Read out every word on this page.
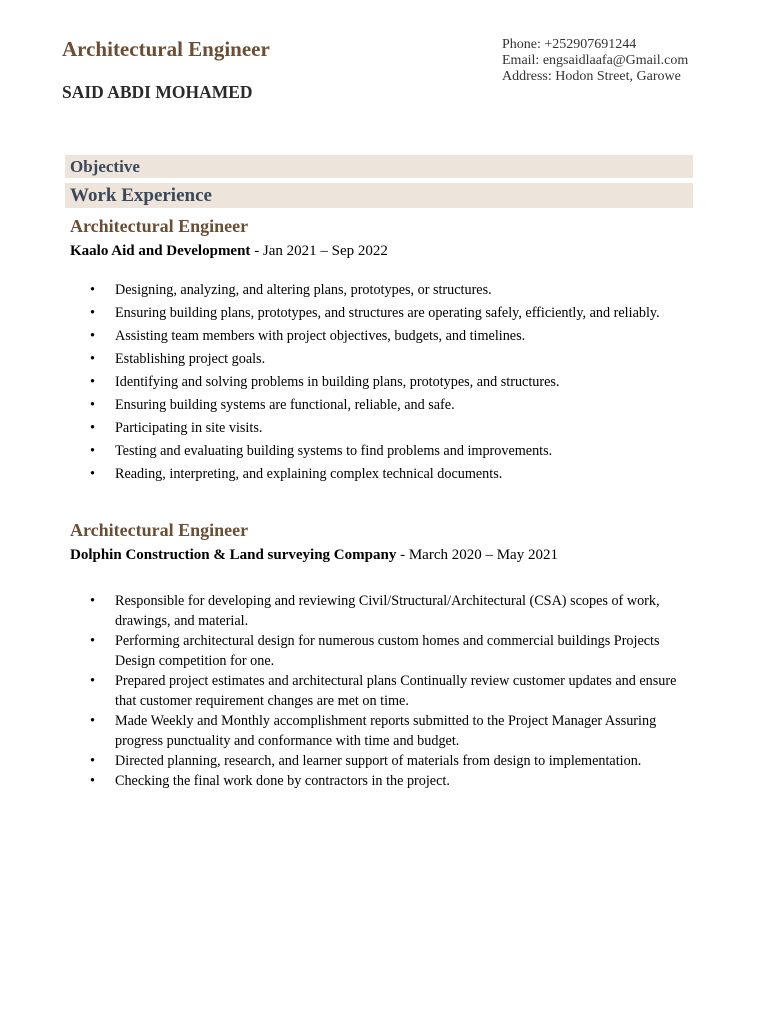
Architectural Engineer
SAID ABDI MOHAMED
Phone: +252907691244
Email: engsaidlaafa@Gmail.com
Address: Hodon Street, Garowe
Objective
Work Experience
Architectural Engineer
Kaalo Aid and Development - Jan 2021 – Sep 2022
• Designing, analyzing, and altering plans, prototypes, or structures.
• Ensuring building plans, prototypes, and structures are operating safely, efficiently, and reliably.
• Assisting team members with project objectives, budgets, and timelines.
• Establishing project goals.
• Identifying and solving problems in building plans, prototypes, and structures.
• Ensuring building systems are functional, reliable, and safe.
• Participating in site visits.
• Testing and evaluating building systems to find problems and improvements.
• Reading, interpreting, and explaining complex technical documents.
Architectural Engineer
Dolphin Construction & Land surveying Company - March 2020 – May 2021
• Responsible for developing and reviewing Civil/Structural/Architectural (CSA) scopes of work, drawings, and material.
• Performing architectural design for numerous custom homes and commercial buildings Projects Design competition for one.
• Prepared project estimates and architectural plans Continually review customer updates and ensure that customer requirement changes are met on time.
• Made Weekly and Monthly accomplishment reports submitted to the Project Manager Assuring progress punctuality and conformance with time and budget.
• Directed planning, research, and learner support of materials from design to implementation.
• Checking the final work done by contractors in the project.
